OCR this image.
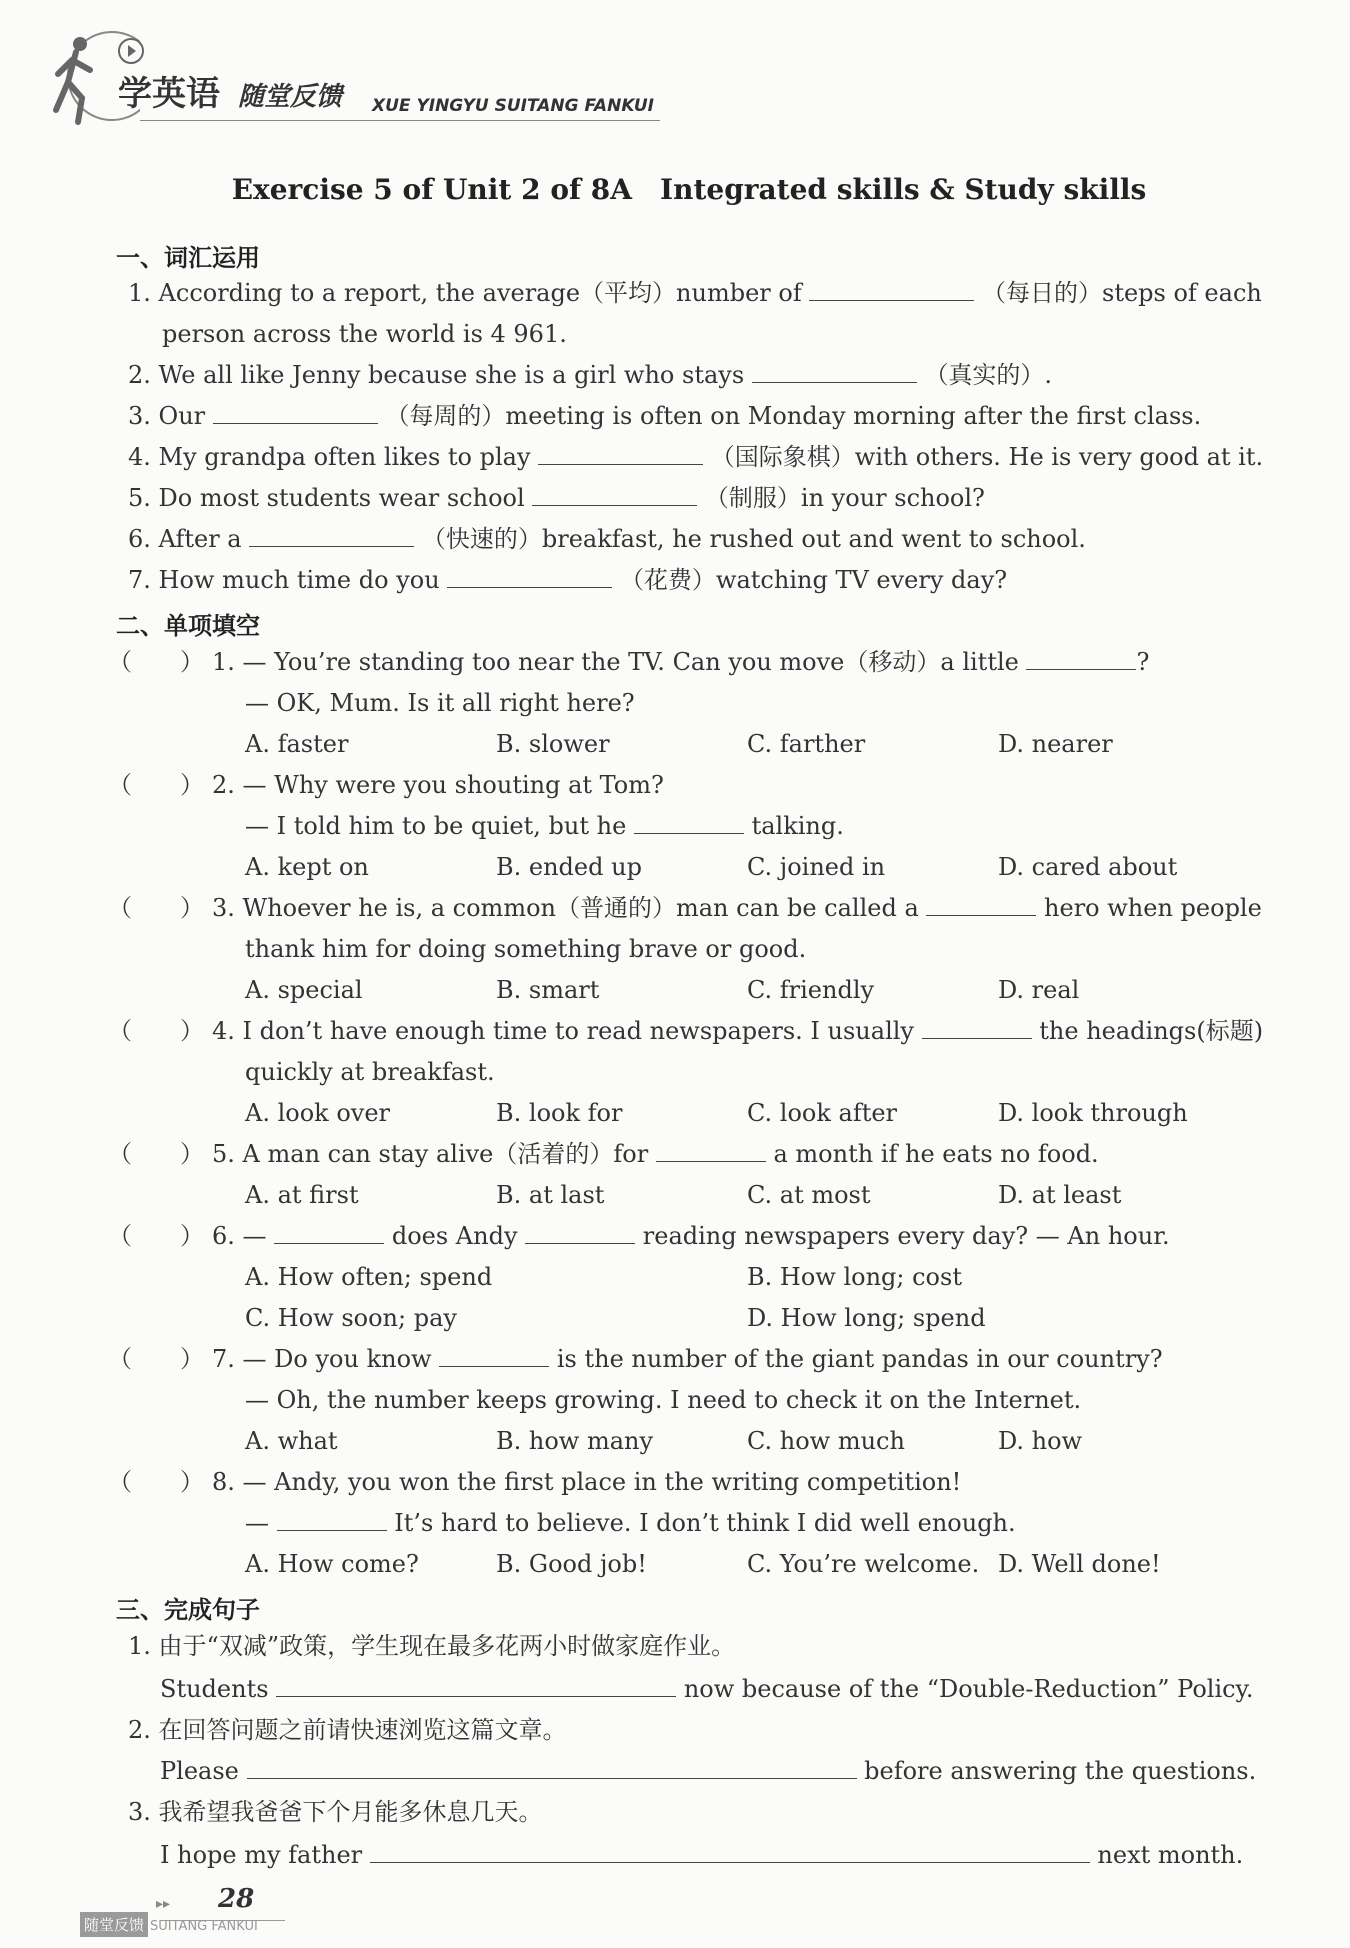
学英语 随堂反馈 XUE YINGYU SUITANG FANKUI
Exercise 5 of Unit 2 of 8A　Integrated skills & Study skills
一、词汇运用
1. According to a report, the average（平均）number of	（每日的）steps of each
person across the world is 4 961.
2. We all like Jenny because she is a girl who stays	（真实的）.
3. Our	（每周的）meeting is often on Monday morning after the first class.
4. My grandpa often likes to play	（国际象棋）with others. He is very good at it.
5. Do most students wear school	（制服）in your school?
6. After a	（快速的）breakfast, he rushed out and went to school.
7. How much time do you	（花费）watching TV every day?
二、单项填空
（　　） 1. — You’re standing too near the TV. Can you move（移动）a little	?
— OK, Mum. Is it all right here?
A. faster	B. slower	C. farther	D. nearer
（　　） 2. — Why were you shouting at Tom?
— I told him to be quiet, but he	talking.
A. kept on	B. ended up	C. joined in	D. cared about
（　　） 3. Whoever he is, a common（普通的）man can be called a	hero when people
thank him for doing something brave or good.
A. special	B. smart	C. friendly	D. real
（　　） 4. I don’t have enough time to read newspapers. I usually	the headings(标题)
quickly at breakfast.
A. look over	B. look for	C. look after	D. look through
（　　） 5. A man can stay alive（活着的）for	a month if he eats no food.
A. at first	B. at last	C. at most	D. at least
（　　） 6. —	does Andy	reading newspapers every day? — An hour.
A. How often; spend	B. How long; cost
C. How soon; pay	D. How long; spend
（　　） 7. — Do you know	is the number of the giant pandas in our country?
— Oh, the number keeps growing. I need to check it on the Internet.
A. what	B. how many	C. how much	D. how
（　　） 8. — Andy, you won the first place in the writing competition!
—	It’s hard to believe. I don’t think I did well enough.
A. How come?	B. Good job!	C. You’re welcome. D. Well done!
三、完成句子
1. 由于“双减”政策，学生现在最多花两小时做家庭作业。
Students	now because of the “Double-Reduction” Policy.
2. 在回答问题之前请快速浏览这篇文章。
Please	before answering the questions.
3. 我希望我爸爸下个月能多休息几天。
I hope my father	next month.
▸▸ 28
随堂反馈 SUITANG FANKUI
